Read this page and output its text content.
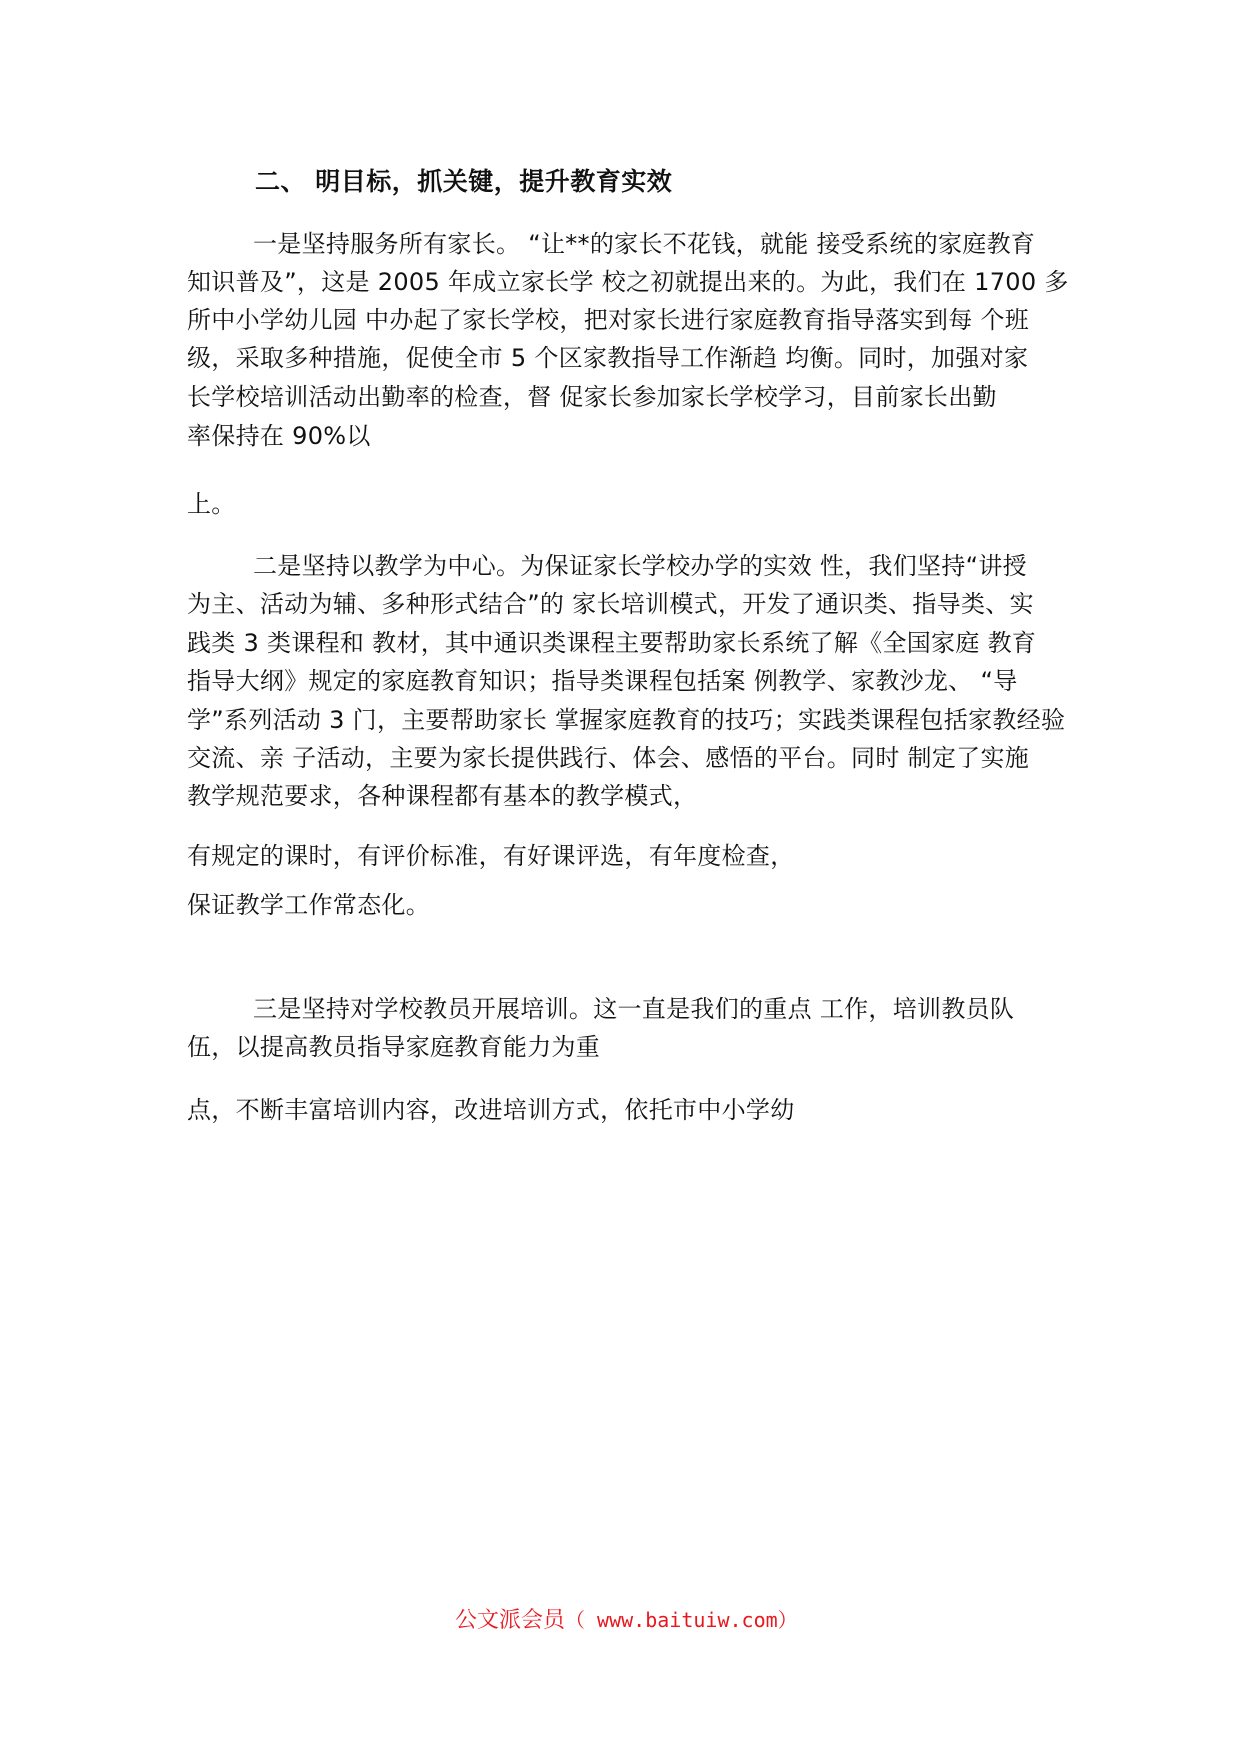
二、 明目标，抓关键，提升教育实效
一是坚持服务所有家长。 “让**的家长不花钱，就能 接受系统的家庭教育
知识普及”，这是 2005 年成立家长学 校之初就提出来的。为此，我们在 1700 多
所中小学幼儿园 中办起了家长学校，把对家长进行家庭教育指导落实到每 个班
级，采取多种措施，促使全市 5 个区家教指导工作渐趋 均衡。同时，加强对家
长学校培训活动出勤率的检查，督 促家长参加家长学校学习，目前家长出勤
率保持在 90%以
上。
二是坚持以教学为中心。为保证家长学校办学的实效 性，我们坚持“讲授
为主、活动为辅、多种形式结合”的 家长培训模式，开发了通识类、指导类、实
践类 3 类课程和 教材，其中通识类课程主要帮助家长系统了解《全国家庭 教育
指导大纲》规定的家庭教育知识；指导类课程包括案 例教学、家教沙龙、 “导
学”系列活动 3 门，主要帮助家长 掌握家庭教育的技巧；实践类课程包括家教经验
交流、亲 子活动，主要为家长提供践行、体会、感悟的平台。同时 制定了实施
教学规范要求，各种课程都有基本的教学模式，
有规定的课时，有评价标准，有好课评选，有年度检查，
保证教学工作常态化。
三是坚持对学校教员开展培训。这一直是我们的重点 工作，培训教员队
伍，以提高教员指导家庭教育能力为重
点，不断丰富培训内容，改进培训方式，依托市中小学幼
公文派会员（ www.baituiw.com）
